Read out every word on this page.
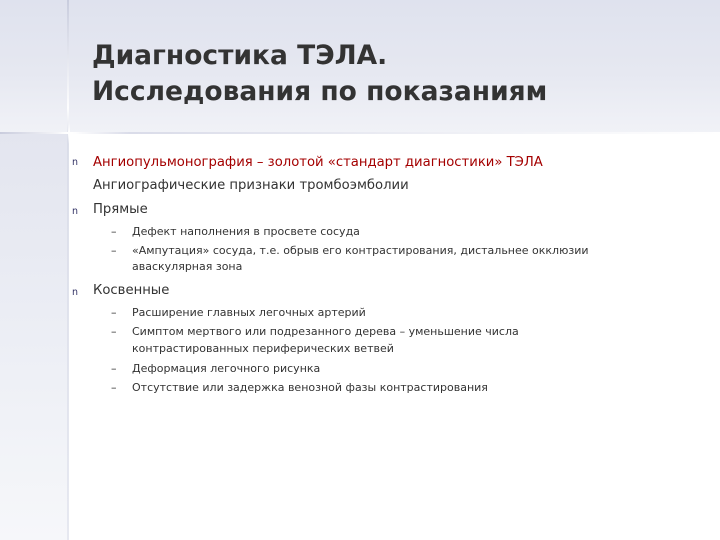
Диагностика ТЭЛА.
Исследования по показаниям
n Ангиопульмонография – золотой «стандарт диагностики» ТЭЛА
Ангиографические признаки тромбоэмболии
n Прямые
– Дефект наполнения в просвете сосуда
– «Ампутация» сосуда, т.е. обрыв его контрастирования, дистальнее окклюзии
аваскулярная зона
n Косвенные
– Расширение главных легочных артерий
– Симптом мертвого или подрезанного дерева – уменьшение числа
контрастированных периферических ветвей
– Деформация легочного рисунка
– Отсутствие или задержка венозной фазы контрастирования
